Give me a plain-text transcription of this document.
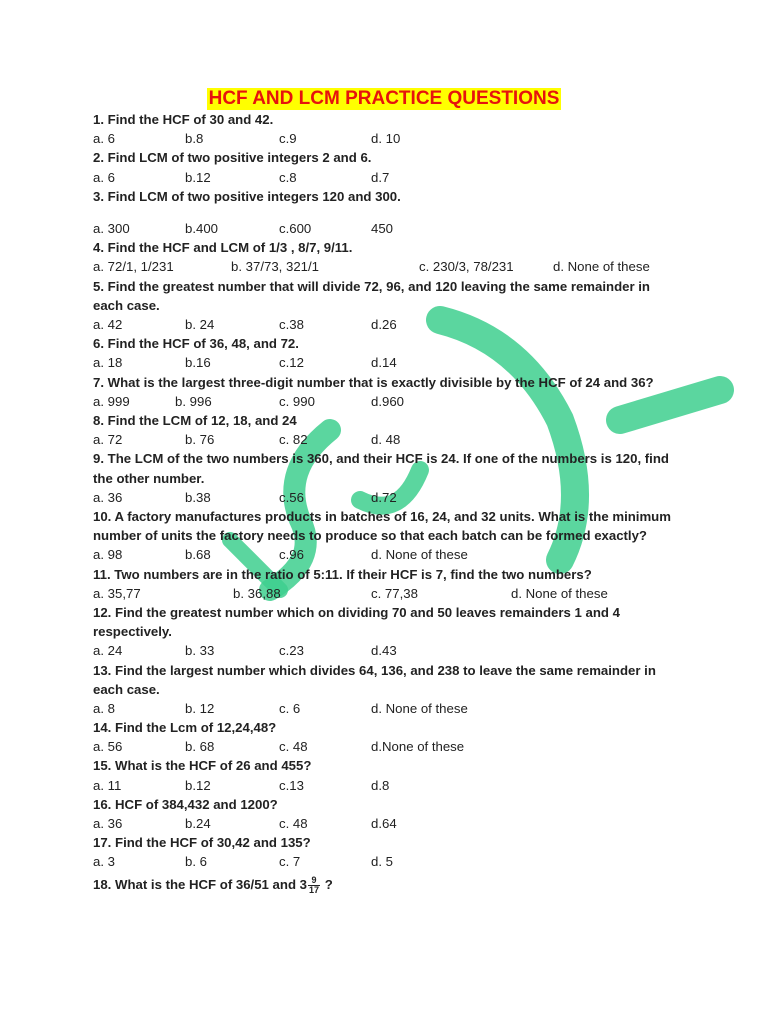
HCF AND LCM PRACTICE QUESTIONS
1. Find the HCF of 30 and 42.
a. 6	b.8	c.9	d. 10
2. Find LCM of two positive integers 2 and 6.
a. 6	b.12	c.8	d.7
3. Find LCM of two positive integers 120 and 300.
a. 300	b.400	c.600	450
4. Find the HCF and LCM of 1/3 , 8/7, 9/11.
a. 72/1, 1/231	b. 37/73, 321/1	c. 230/3, 78/231	d. None of these
5. Find the greatest number that will divide 72, 96, and 120 leaving the same remainder in each case.
a. 42	b. 24	c.38	d.26
6. Find the HCF of 36, 48, and 72.
a. 18	b.16	c.12	d.14
7. What is the largest three-digit number that is exactly divisible by the HCF of 24 and 36?
a. 999	b. 996	c. 990	d.960
8. Find the LCM of 12, 18, and 24
a. 72	b. 76	c. 82	d. 48
9. The LCM of the two numbers is 360, and their HCF is 24. If one of the numbers is 120, find the other number.
a. 36	b.38	c.56	d.72
10. A factory manufactures products in batches of 16, 24, and 32 units. What is the minimum number of units the factory needs to produce so that each batch can be formed exactly?
a. 98	b.68	c.96	d. None of these
11. Two numbers are in the ratio of 5:11. If their HCF is 7, find the two numbers?
a. 35,77	b. 36,88	c. 77,38	d. None of these
12. Find the greatest number which on dividing 70 and 50 leaves remainders 1 and 4 respectively.
a. 24	b. 33	c.23	d.43
13. Find the largest number which divides 64, 136, and 238 to leave the same remainder in each case.
a. 8	b. 12	c. 6	d. None of these
14. Find the Lcm of 12,24,48?
a. 56	b. 68	c. 48	d.None of these
15. What is the HCF of 26 and 455?
a. 11	b.12	c.13	d.8
16. HCF of 384,432 and 1200?
a. 36	b.24	c. 48	d.64
17. Find the HCF of 30,42 and 135?
a. 3	b. 6	c. 7	d. 5
18. What is the HCF of 36/51 and $3 \frac{9}{17}$ ?
